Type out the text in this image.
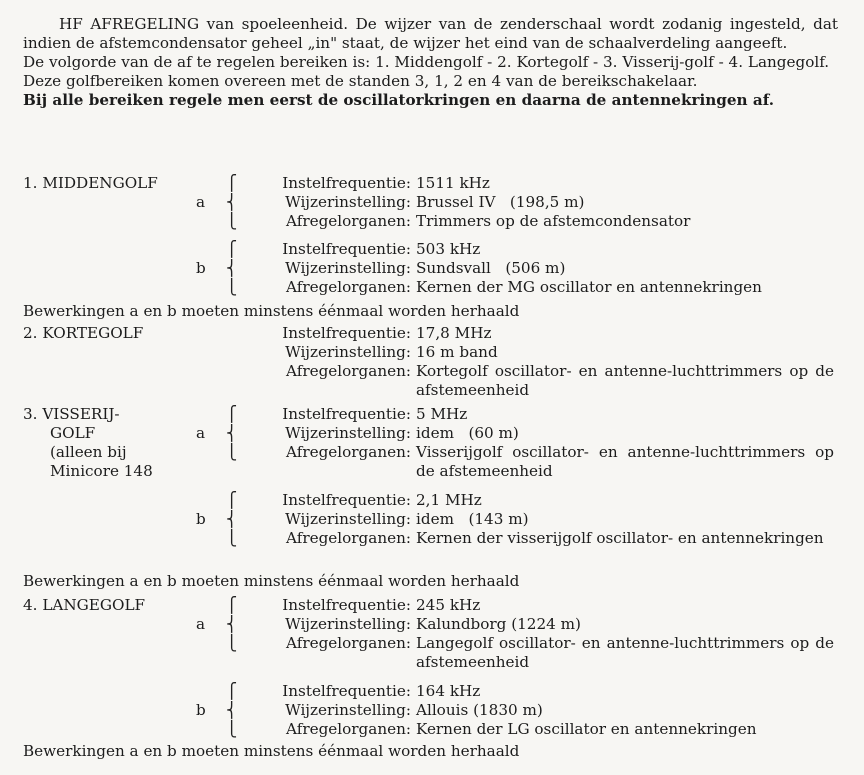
HF AFREGELING van spoeleenheid. De wijzer van de zenderschaal wordt zodanig ingesteld, dat indien de afstemcondensator geheel „in" staat, de wijzer het eind van de schaalverdeling aangeeft.

De volgorde van de af te regelen bereiken is: 1. Middengolf - 2. Kortegolf - 3. Visserij-golf - 4. Langegolf.

Deze golfbereiken komen overeen met de standen 3, 1, 2 en 4 van de bereikschakelaar.

Bij alle bereiken regele men eerst de oscillatorkringen en daarna de antennekringen af.

1. MIDDENGOLF
a
⎧
⎨
⎩
Instelfrequentie: 1511 kHz
Wijzerinstelling: Brussel IV   (198,5 m)
Afregelorganen: Trimmers op de afstemcondensator
b
⎧
⎨
⎩
Instelfrequentie: 503 kHz
Wijzerinstelling: Sundsvall   (506 m)
Afregelorganen: Kernen der MG oscillator en antennekringen
Bewerkingen a en b moeten minstens éénmaal worden herhaald
2. KORTEGOLF	Instelfrequentie: 17,8 MHz
Wijzerinstelling: 16 m band
Afregelorganen: Kortegolf oscillator- en antenne-luchttrimmers op de afstemeenheid
3. VISSERIJ-
GOLF
(alleen bij
Minicore 148
a
⎧
⎨
⎩
Instelfrequentie: 5 MHz
Wijzerinstelling: idem   (60 m)
Afregelorganen: Visserijgolf oscillator- en antenne-luchttrimmers op de afstemeenheid
b
⎧
⎨
⎩
Instelfrequentie: 2,1 MHz
Wijzerinstelling: idem   (143 m)
Afregelorganen: Kernen der visserijgolf oscillator- en antennekringen
Bewerkingen a en b moeten minstens éénmaal worden herhaald
4. LANGEGOLF
a
⎧
⎨
⎩
Instelfrequentie: 245 kHz
Wijzerinstelling: Kalundborg (1224 m)
Afregelorganen: Langegolf oscillator- en antenne-luchttrimmers op de afstemeenheid
b
⎧
⎨
⎩
Instelfrequentie: 164 kHz
Wijzerinstelling: Allouis (1830 m)
Afregelorganen: Kernen der LG oscillator en antennekringen
Bewerkingen a en b moeten minstens éénmaal worden herhaald
